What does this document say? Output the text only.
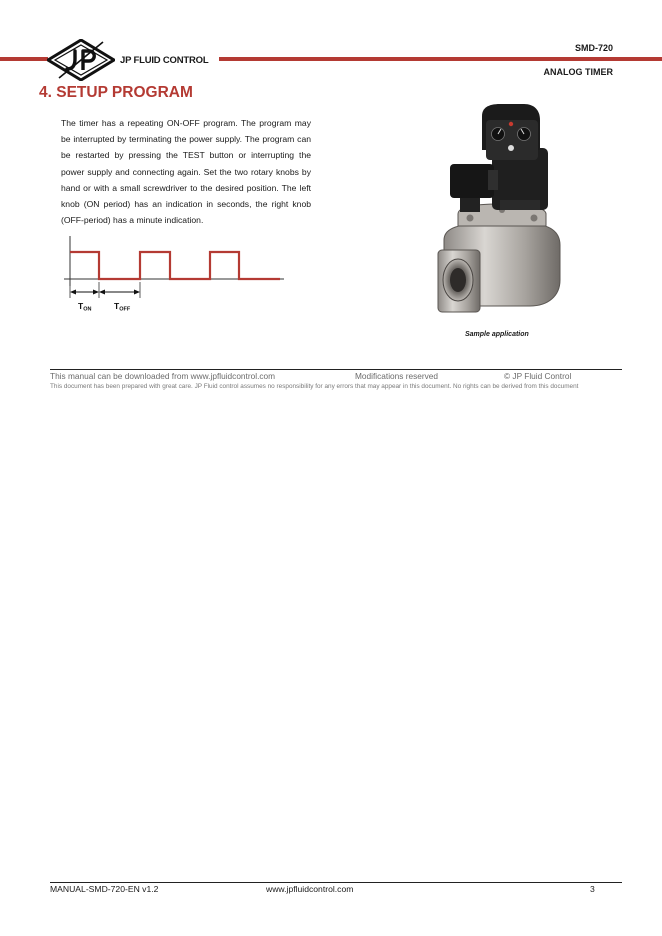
JP FLUID CONTROL
SMD-720
ANALOG TIMER
4. SETUP PROGRAM
The timer has a repeating ON-OFF program. The program may be interrupted by terminating the power supply. The program can be restarted by pressing the TEST button or interrupting the power supply and connecting again. Set the two rotary knobs by hand or with a small screwdriver to the desired position. The left knob (ON period) has an indication in seconds, the right knob (OFF-period) has a minute indication.
TON	TOFF
Sample application
This manual can be downloaded from www.jpfluidcontrol.com	Modifications reserved	© JP Fluid Control
This document has been prepared with great care. JP Fluid control assumes no responsibility for any errors that may appear in this document. No rights can be derived from this document
MANUAL-SMD-720-EN v1.2	www.jpfluidcontrol.com	3
